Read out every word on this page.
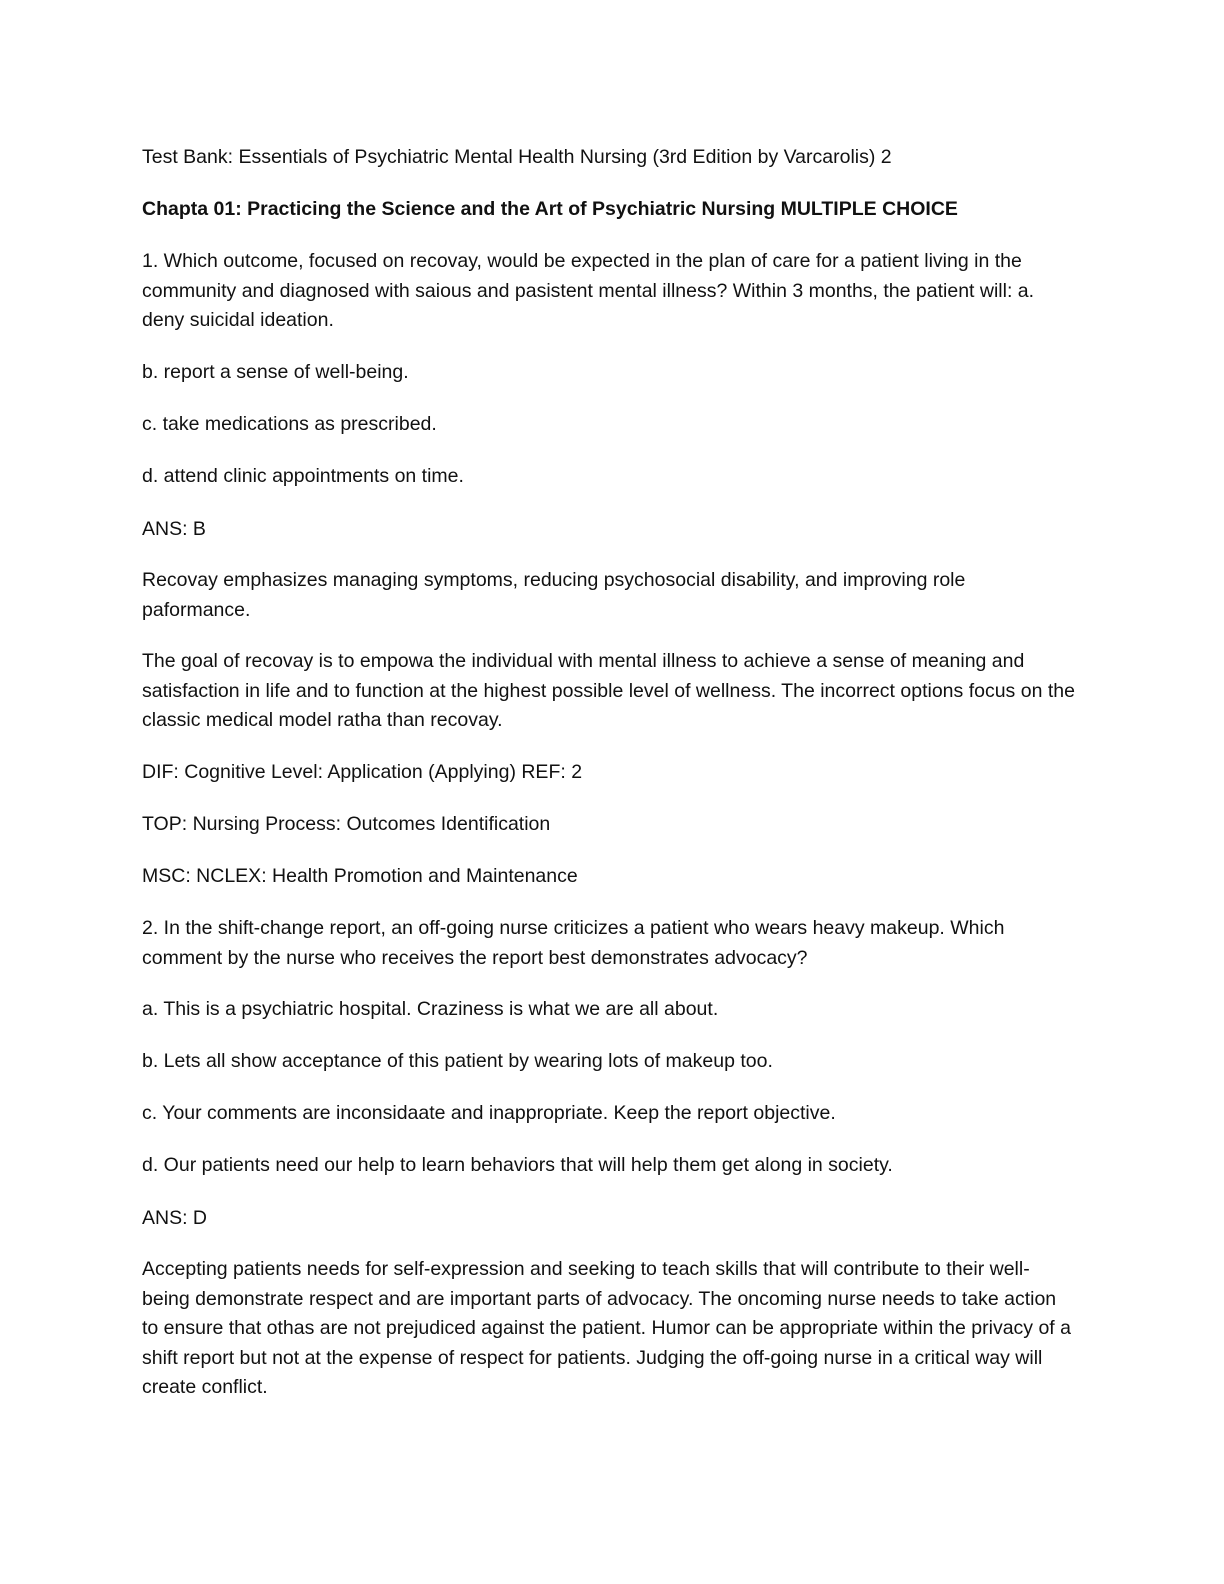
Test Bank: Essentials of Psychiatric Mental Health Nursing (3rd Edition by Varcarolis) 2

Chapta 01: Practicing the Science and the Art of Psychiatric Nursing MULTIPLE CHOICE

1. Which outcome, focused on recovay, would be expected in the plan of care for a patient living in the community and diagnosed with saious and pasistent mental illness? Within 3 months, the patient will: a. deny suicidal ideation.

b. report a sense of well-being.

c. take medications as prescribed.

d. attend clinic appointments on time.

ANS: B

Recovay emphasizes managing symptoms, reducing psychosocial disability, and improving role paformance.

The goal of recovay is to empowa the individual with mental illness to achieve a sense of meaning and satisfaction in life and to function at the highest possible level of wellness. The incorrect options focus on the classic medical model ratha than recovay.

DIF: Cognitive Level: Application (Applying) REF: 2

TOP: Nursing Process: Outcomes Identification

MSC: NCLEX: Health Promotion and Maintenance

2. In the shift-change report, an off-going nurse criticizes a patient who wears heavy makeup. Which comment by the nurse who receives the report best demonstrates advocacy?

a. This is a psychiatric hospital. Craziness is what we are all about.

b. Lets all show acceptance of this patient by wearing lots of makeup too.

c. Your comments are inconsidaate and inappropriate. Keep the report objective.

d. Our patients need our help to learn behaviors that will help them get along in society.

ANS: D

Accepting patients needs for self-expression and seeking to teach skills that will contribute to their well-being demonstrate respect and are important parts of advocacy. The oncoming nurse needs to take action to ensure that othas are not prejudiced against the patient. Humor can be appropriate within the privacy of a shift report but not at the expense of respect for patients. Judging the off-going nurse in a critical way will create conflict.
